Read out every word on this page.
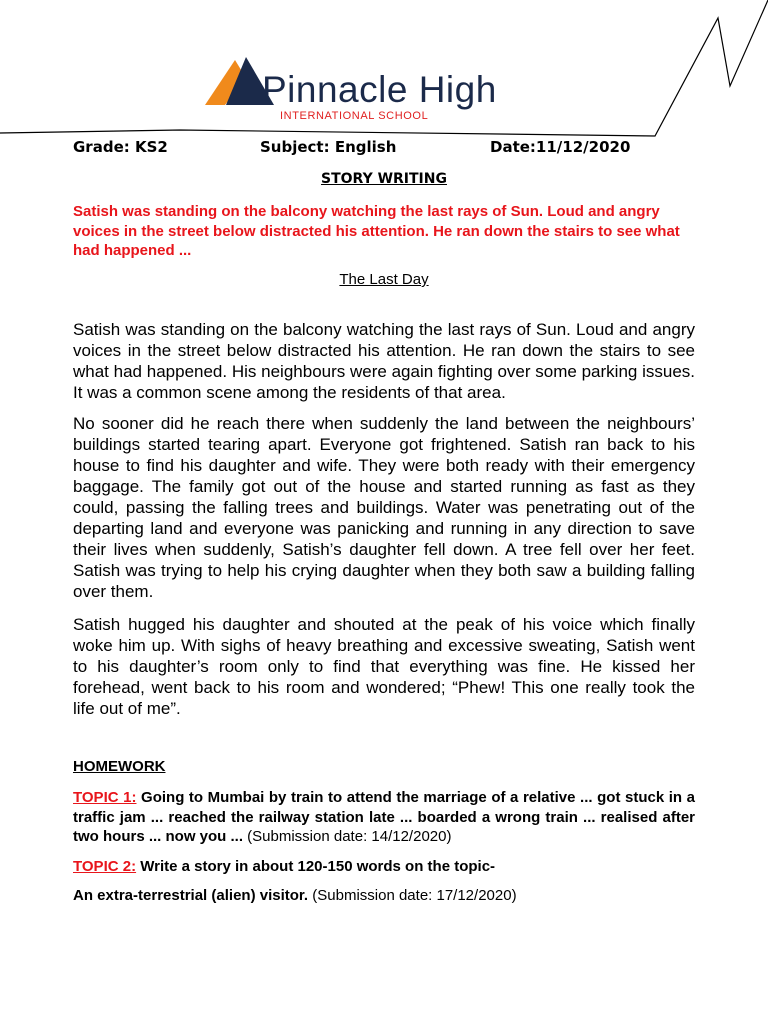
Pinnacle High
INTERNATIONAL SCHOOL
Grade: KS2	Subject: English	Date:11/12/2020
STORY WRITING
Satish was standing on the balcony watching the last rays of Sun. Loud and angry voices in the street below distracted his attention. He ran down the stairs to see what had happened ...
The Last Day
Satish was standing on the balcony watching the last rays of Sun. Loud and angry voices in the street below distracted his attention. He ran down the stairs to see what had happened. His neighbours were again fighting over some parking issues. It was a common scene among the residents of that area.
No sooner did he reach there when suddenly the land between the neighbours’ buildings started tearing apart. Everyone got frightened. Satish ran back to his house to find his daughter and wife. They were both ready with their emergency baggage. The family got out of the house and started running as fast as they could, passing the falling trees and buildings. Water was penetrating out of the departing land and everyone was panicking and running in any direction to save their lives when suddenly, Satish’s daughter fell down. A tree fell over her feet. Satish was trying to help his crying daughter when they both saw a building falling over them.
Satish hugged his daughter and shouted at the peak of his voice which finally woke him up. With sighs of heavy breathing and excessive sweating, Satish went to his daughter’s room only to find that everything was fine. He kissed her forehead, went back to his room and wondered; “Phew! This one really took the life out of me”.
HOMEWORK
TOPIC 1: Going to Mumbai by train to attend the marriage of a relative ... got stuck in a traffic jam ... reached the railway station late ... boarded a wrong train ... realised after two hours ... now you ... (Submission date: 14/12/2020)
TOPIC 2: Write a story in about 120-150 words on the topic-
An extra-terrestrial (alien) visitor. (Submission date: 17/12/2020)
